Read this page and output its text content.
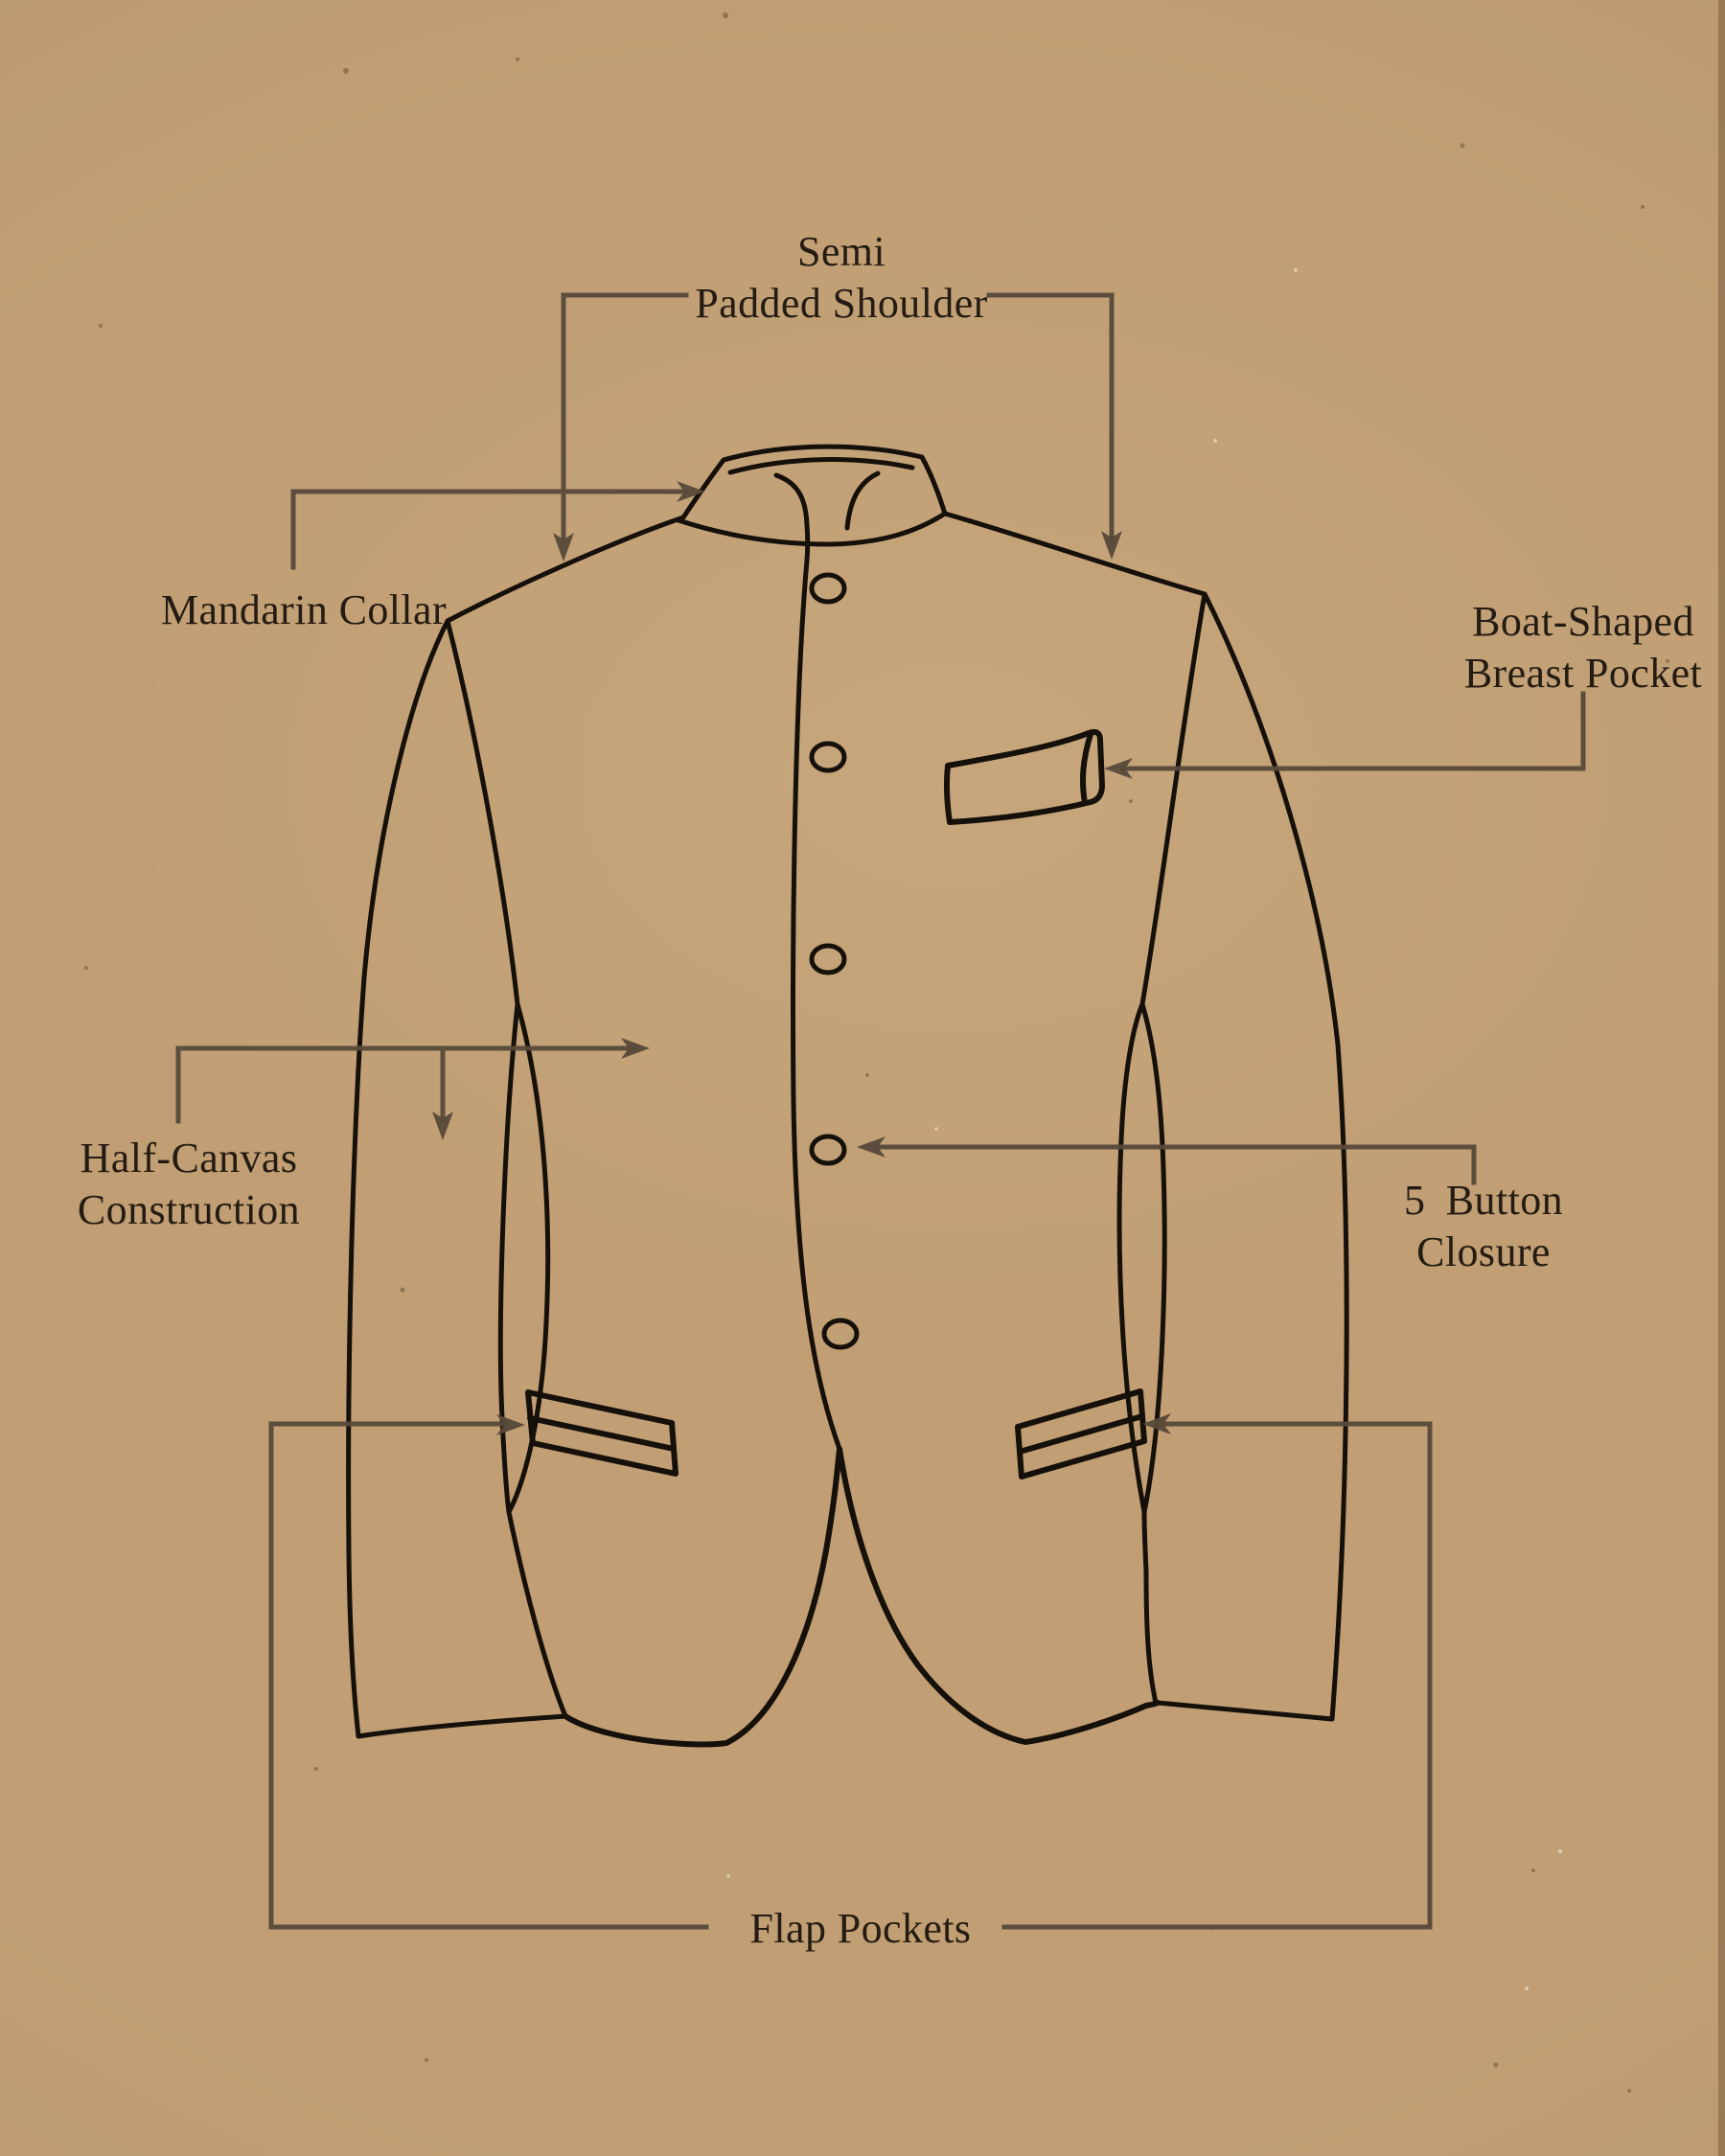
Semi
Padded Shoulder
Mandarin Collar	Boat-Shaped
Breast Pocket
Half-Canvas
Construction	5 Button
Closure
Flap Pockets
